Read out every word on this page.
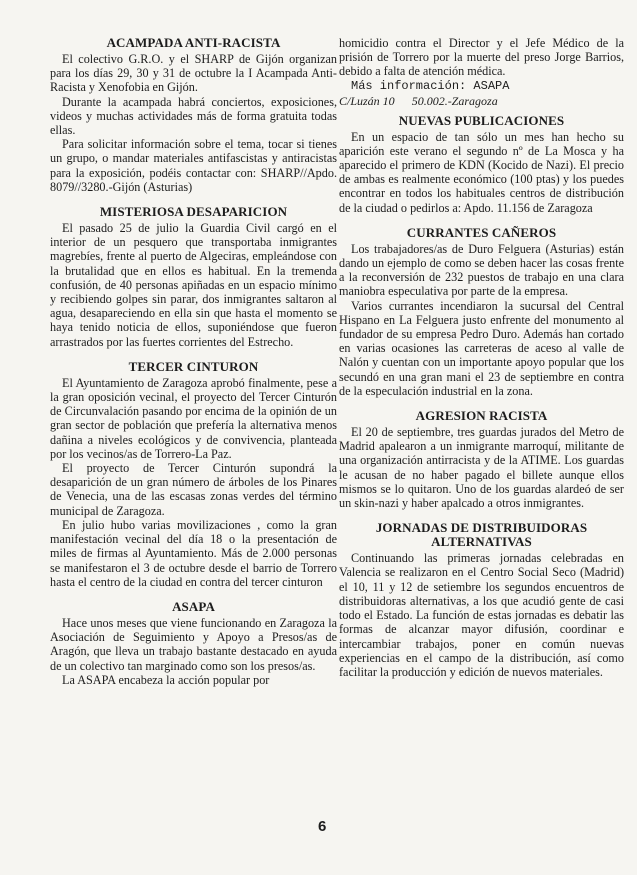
ACAMPADA ANTI-RACISTA

El colectivo G.R.O. y el SHARP de Gijón organizan para los días 29, 30 y 31 de octubre la I Acampada Anti-Racista y Xenofobia en Gijón.

Durante la acampada habrá conciertos, exposiciones, videos y muchas actividades más de forma gratuita todas ellas.

Para solicitar información sobre el tema, tocar si tienes un grupo, o mandar materiales antifascistas y antiracistas para la exposición, podéis contactar con: SHARP//Apdo. 8079//3280.-Gijón (Asturias)

MISTERIOSA DESAPARICION

El pasado 25 de julio la Guardia Civil cargó en el interior de un pesquero que transportaba inmigrantes magrebíes, frente al puerto de Algeciras, empleándose con la brutalidad que en ellos es habitual. En la tremenda confusión, de 40 personas apiñadas en un espacio mínimo y recibiendo golpes sin parar, dos inmigrantes saltaron al agua, desapareciendo en ella sin que hasta el momento se haya tenido noticia de ellos, suponiéndose que fueron arrastrados por las fuertes corrientes del Estrecho.

TERCER CINTURON

El Ayuntamiento de Zaragoza aprobó finalmente, pese a la gran oposición vecinal, el proyecto del Tercer Cinturón de Circunvalación pasando por encima de la opinión de un gran sector de población que prefería la alternativa menos dañina a niveles ecológicos y de convivencia, planteada por los vecinos/as de Torrero-La Paz.

El proyecto de Tercer Cinturón supondrá la desaparición de un gran número de árboles de los Pinares de Venecia, una de las escasas zonas verdes del término municipal de Zaragoza.

En julio hubo varias movilizaciones , como la gran manifestación vecinal del día 18 o la presentación de miles de firmas al Ayuntamiento. Más de 2.000 personas se manifestaron el 3 de octubre desde el barrio de Torrero hasta el centro de la ciudad en contra del tercer cinturon

ASAPA

Hace unos meses que viene funcionando en Zaragoza la Asociación de Seguimiento y Apoyo a Presos/as de Aragón, que lleva un trabajo bastante destacado en ayuda de un colectivo tan marginado como son los presos/as.

La ASAPA encabeza la acción popular por

homicidio contra el Director y el Jefe Médico de la prisión de Torrero por la muerte del preso Jorge Barrios, debido a falta de atención médica.

Más información: ASAPA

C/Luzán 10 50.002.-Zaragoza
NUEVAS PUBLICACIONES

En un espacio de tan sólo un mes han hecho su aparición este verano el segundo nº de La Mosca y ha aparecido el primero de KDN (Kocido de Nazi). El precio de ambas es realmente económico (100 ptas) y los puedes encontrar en todos los habituales centros de distribución de la ciudad o pedirlos a: Apdo. 11.156 de Zaragoza

CURRANTES CAÑEROS

Los trabajadores/as de Duro Felguera (Asturias) están dando un ejemplo de como se deben hacer las cosas frente a la reconversión de 232 puestos de trabajo en una clara maniobra especulativa por parte de la empresa.

Varios currantes incendiaron la sucursal del Central Hispano en La Felguera justo enfrente del monumento al fundador de su empresa Pedro Duro. Además han cortado en varias ocasiones las carreteras de aceso al valle de Nalón y cuentan con un importante apoyo popular que los secundó en una gran mani el 23 de septiembre en contra de la especulación industrial en la zona.

AGRESION RACISTA

El 20 de septiembre, tres guardas jurados del Metro de Madrid apalearon a un inmigrante marroquí, militante de una organización antirracista y de la ATIME. Los guardas le acusan de no haber pagado el billete aunque ellos mismos se lo quitaron. Uno de los guardas alardeó de ser un skin-nazi y haber apalcado a otros inmigrantes.

JORNADAS DE DISTRIBUIDORAS ALTERNATIVAS

Continuando las primeras jornadas celebradas en Valencia se realizaron en el Centro Social Seco (Madrid) el 10, 11 y 12 de setiembre los segundos encuentros de distribuidoras alternativas, a los que acudió gente de casi todo el Estado. La función de estas jornadas es debatir las formas de alcanzar mayor difusión, coordinar e intercambiar trabajos, poner en común nuevas experiencias en el campo de la distribución, así como facilitar la producción y edición de nuevos materiales.

6
